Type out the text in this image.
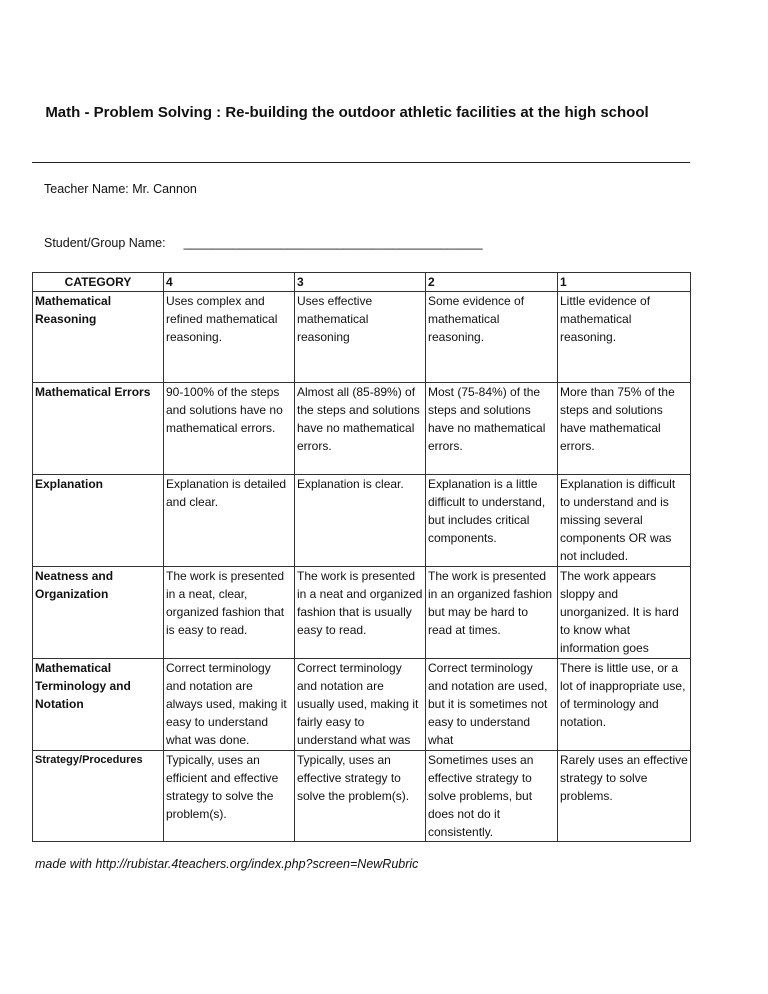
Math - Problem Solving : Re-building the outdoor athletic facilities at the high school
Teacher Name: Mr. Cannon
Student/Group Name: ___________________________________________
CATEGORY	4	3	2	1
Mathematical Reasoning	Uses complex and refined mathematical reasoning.	Uses effective mathematical reasoning	Some evidence of mathematical reasoning.	Little evidence of mathematical reasoning.
Mathematical Errors	90-100% of the steps and solutions have no mathematical errors.	Almost all (85-89%) of the steps and solutions have no mathematical errors.	Most (75-84%) of the steps and solutions have no mathematical errors.	More than 75% of the steps and solutions have mathematical errors.
Explanation	Explanation is detailed and clear.	Explanation is clear.	Explanation is a little difficult to understand, but includes critical components.	Explanation is difficult to understand and is missing several components OR was not included.
Neatness and Organization	The work is presented in a neat, clear, organized fashion that is easy to read.	The work is presented in a neat and organized fashion that is usually easy to read.	The work is presented in an organized fashion but may be hard to read at times.	The work appears sloppy and unorganized. It is hard to know what information goes
Mathematical Terminology and Notation	Correct terminology and notation are always used, making it easy to understand what was done.	Correct terminology and notation are usually used, making it fairly easy to understand what was	Correct terminology and notation are used, but it is sometimes not easy to understand what	There is little use, or a lot of inappropriate use, of terminology and notation.
Strategy/Procedures	Typically, uses an efficient and effective strategy to solve the problem(s).	Typically, uses an effective strategy to solve the problem(s).	Sometimes uses an effective strategy to solve problems, but does not do it consistently.	Rarely uses an effective strategy to solve problems.
made with http://rubistar.4teachers.org/index.php?screen=NewRubric
